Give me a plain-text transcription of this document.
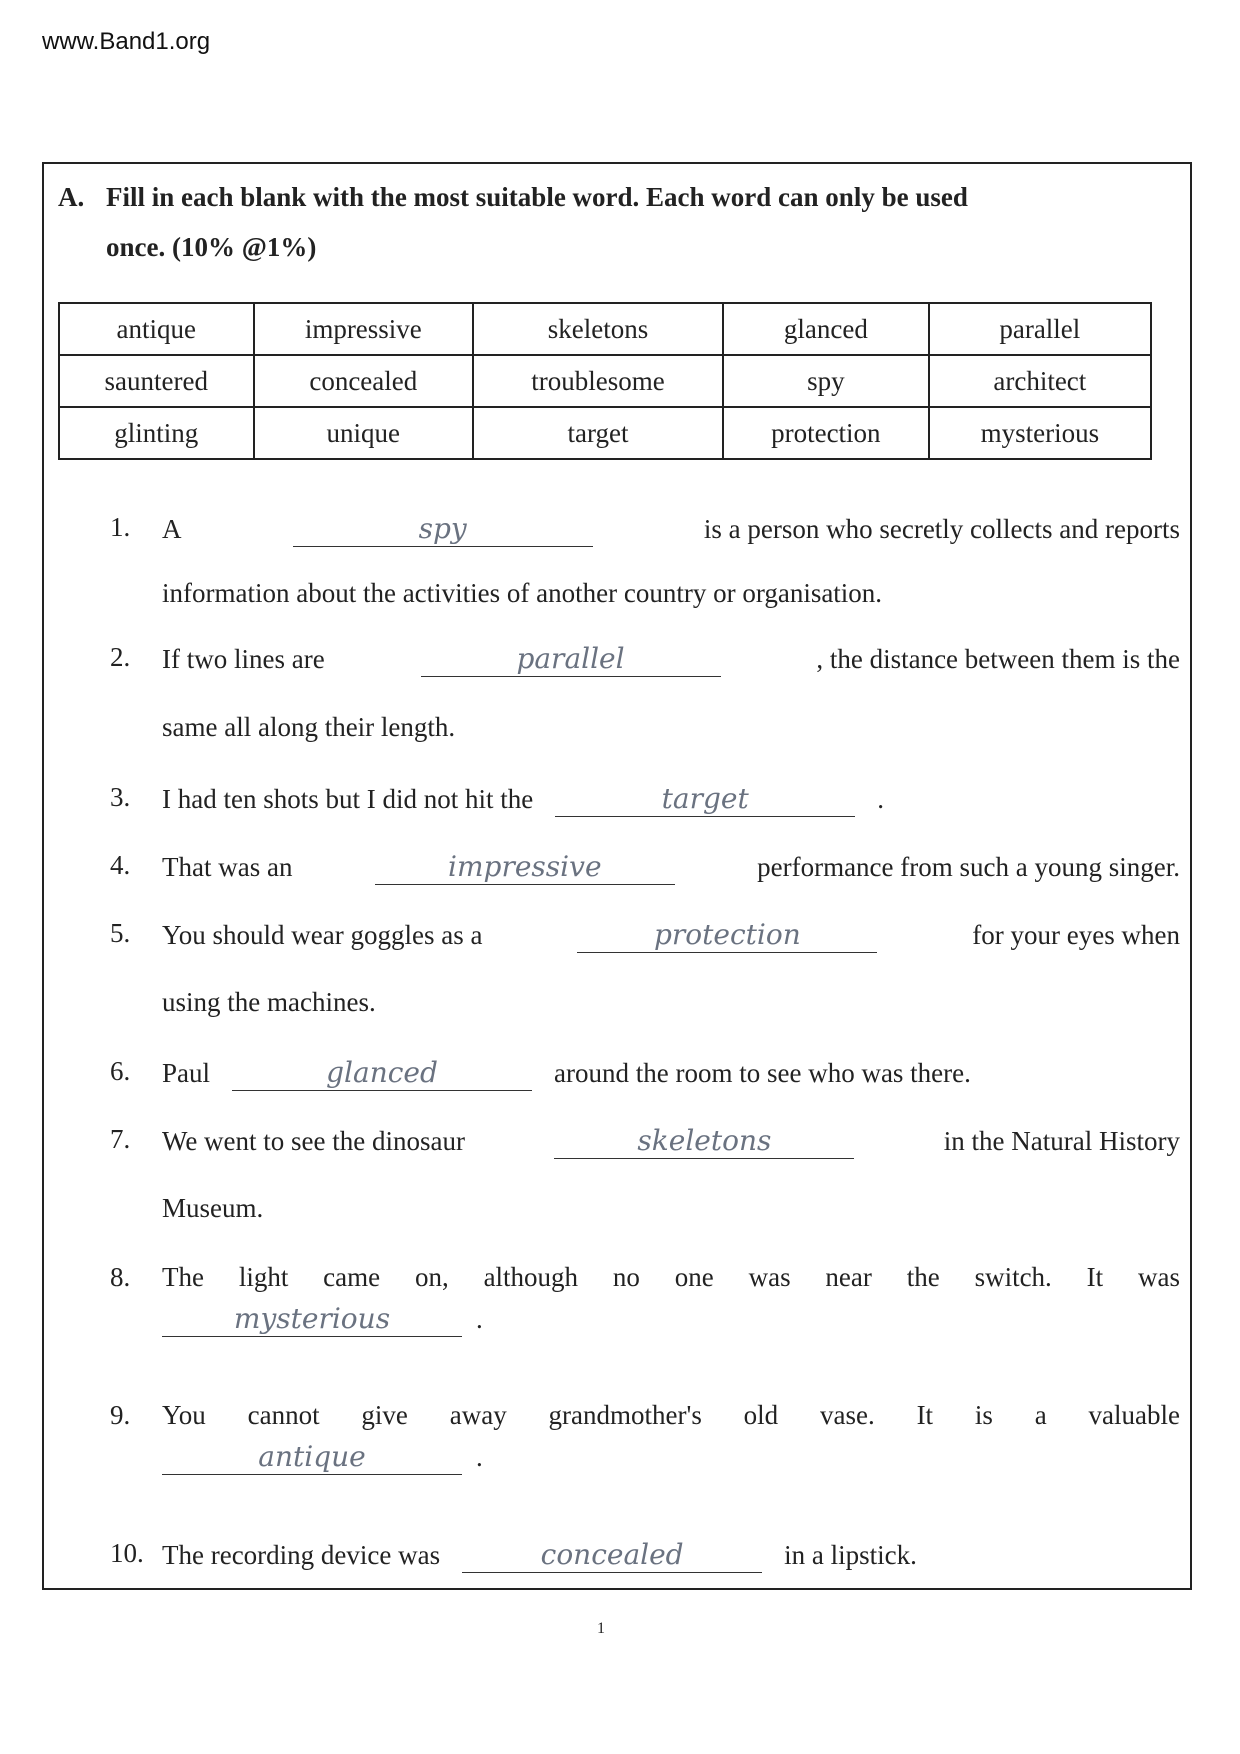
www.Band1.org
A. Fill in each blank with the most suitable word. Each word can only be used
once. (10% @1%)
antique	impressive	skeletons	glanced	parallel
sauntered	concealed	troublesome	spy	architect
glinting	unique	target	protection	mysterious
1.	A	spy	is a person who secretly collects and reports
information about the activities of another country or organisation.
2.	If two lines are	parallel	, the distance between them is the
same all along their length.
3.	I had ten shots but I did not hit the	target	.
4.	That was an	impressive	performance from such a young singer.
5.	You should wear goggles as a	protection	for your eyes when
using the machines.
6.	Paul	glanced	around the room to see who was there.
7.	We went to see the dinosaur	skeletons	in the Natural History
Museum.
8.	The light came on, although no one was near the switch. It was
mysterious	.
9.	You cannot give away grandmother's old vase. It is a valuable
antique	.
10. The recording device was	concealed	in a lipstick.
1
